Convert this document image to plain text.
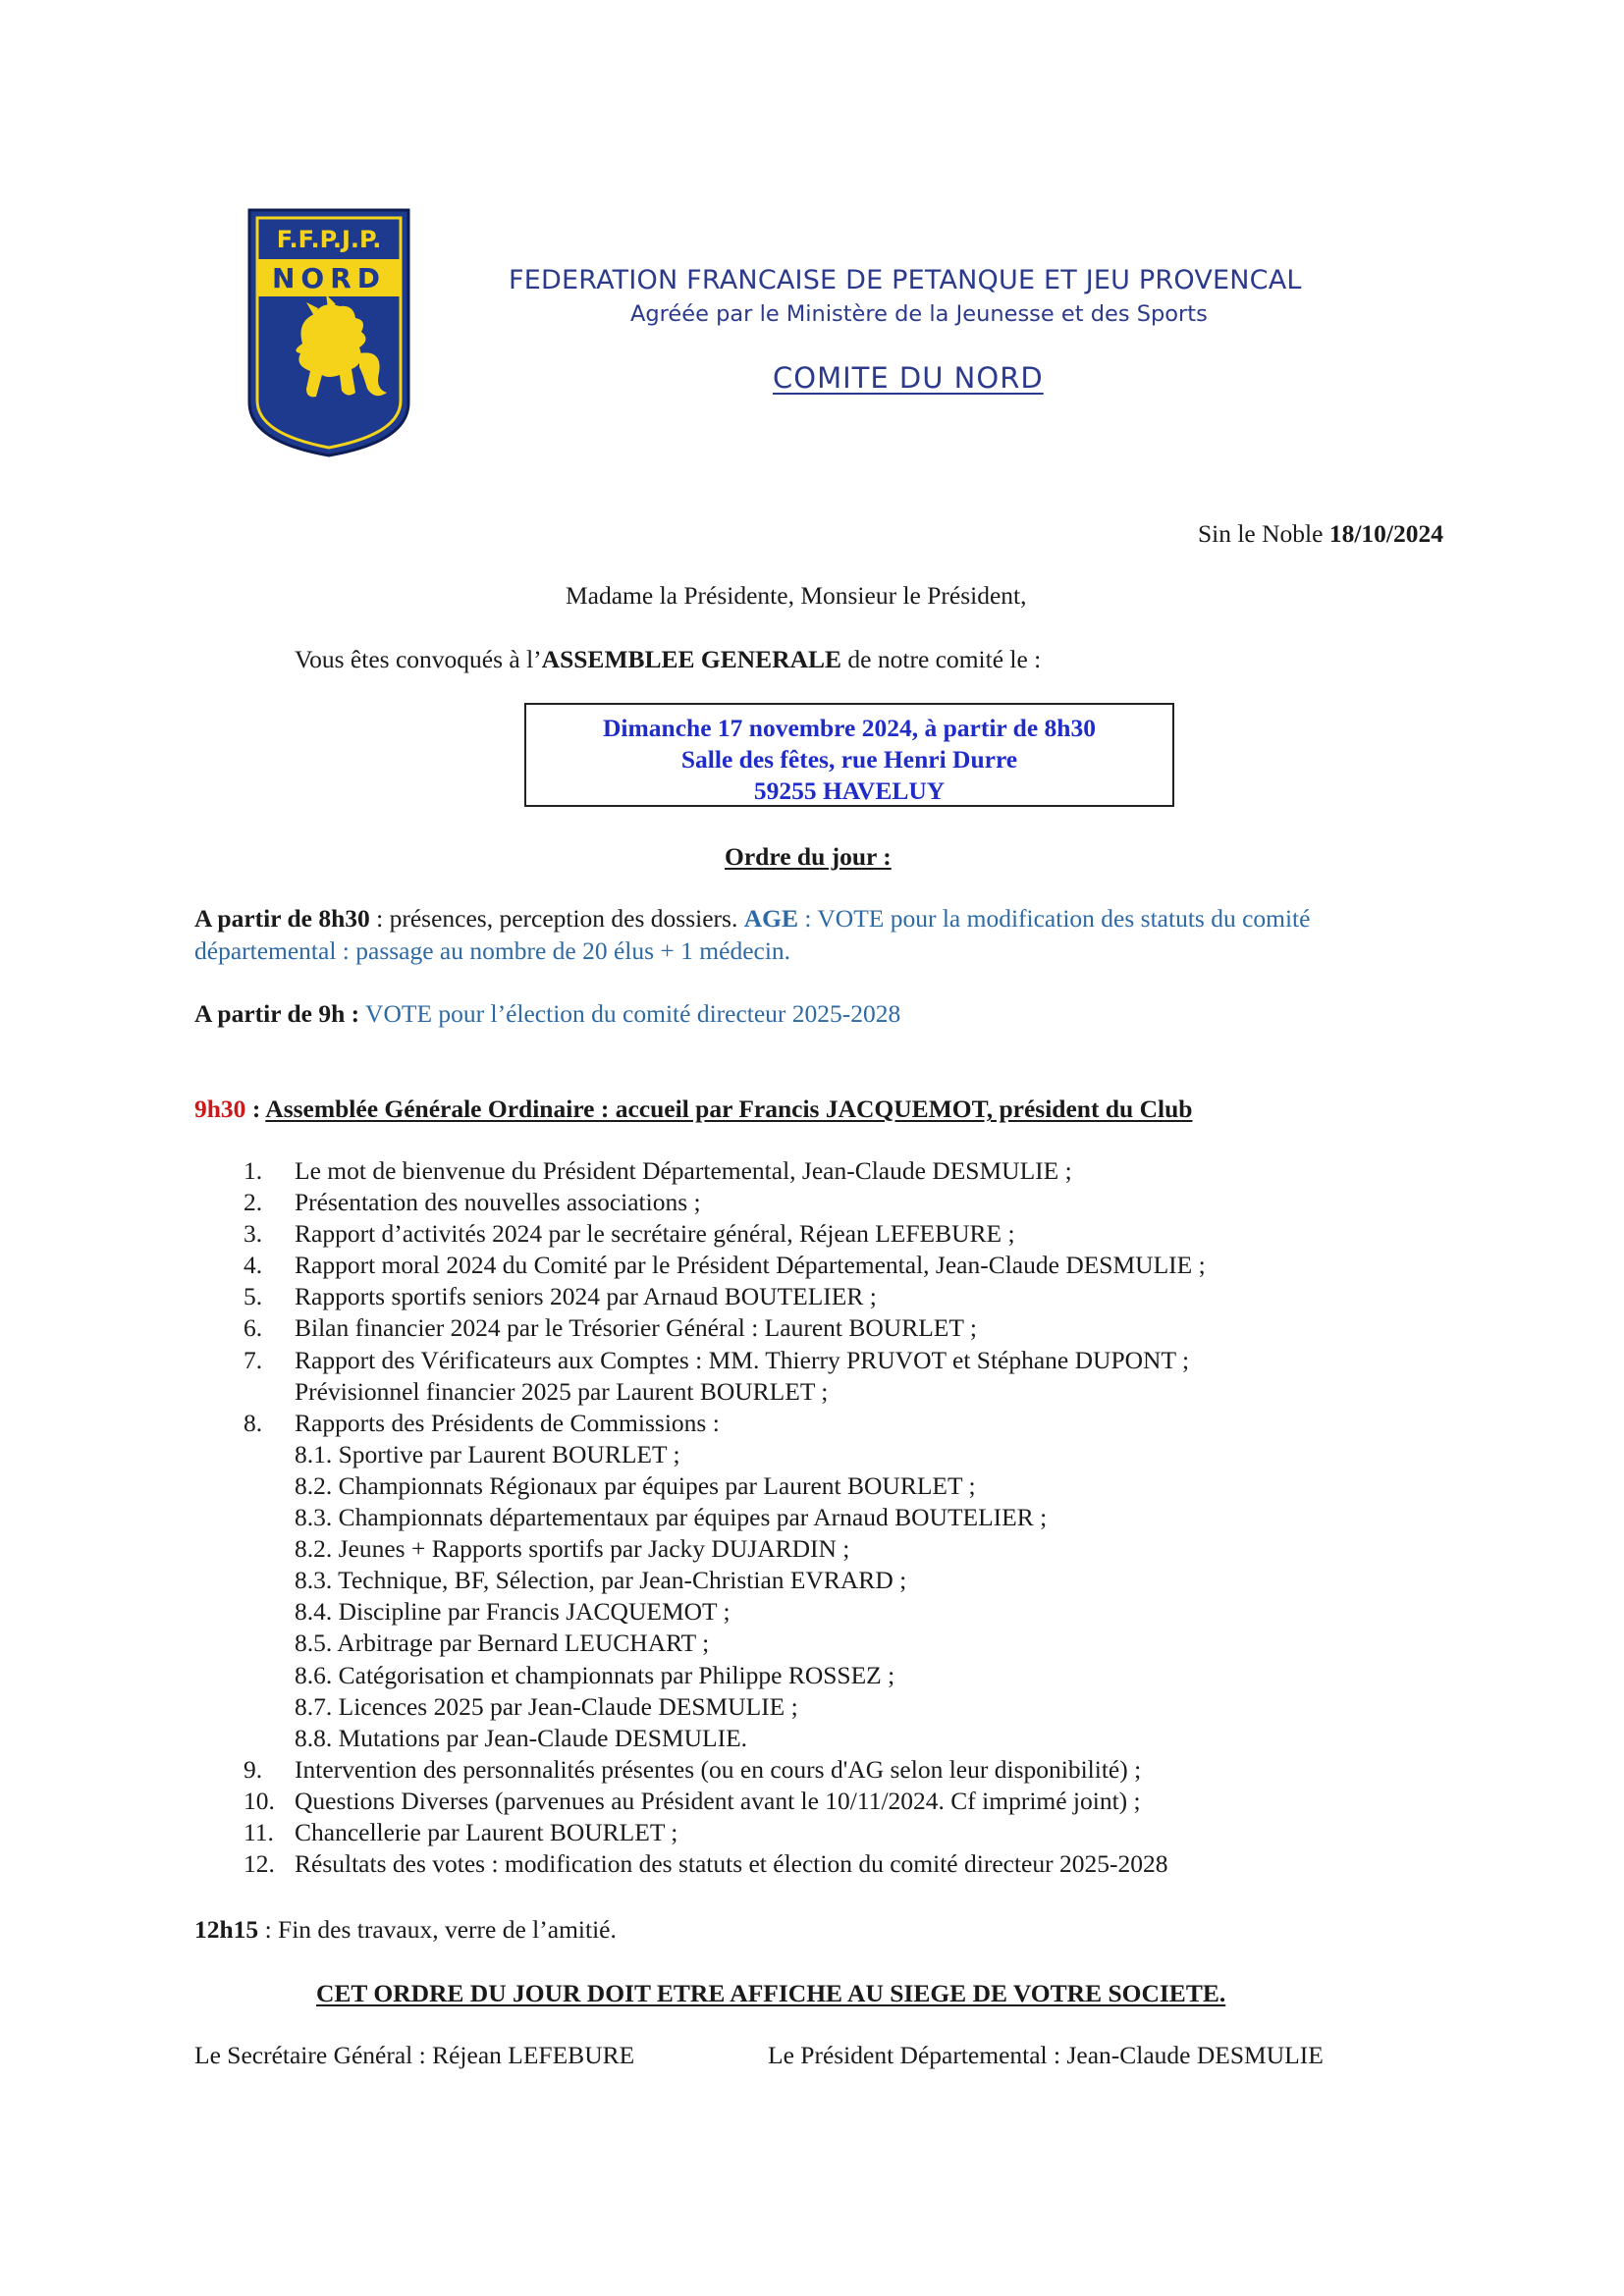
F.F.P.J.P.
NORD	FEDERATION FRANCAISE DE PETANQUE ET JEU PROVENCAL
Agréée par le Ministère de la Jeunesse et des Sports
COMITE DU NORD
Sin le Noble 18/10/2024
Madame la Présidente, Monsieur le Président,
Vous êtes convoqués à l’ASSEMBLEE GENERALE de notre comité le :
Dimanche 17 novembre 2024, à partir de 8h30
Salle des fêtes, rue Henri Durre
59255 HAVELUY
Ordre du jour :
A partir de 8h30 : présences, perception des dossiers. AGE : VOTE pour la modification des statuts du comité
départemental : passage au nombre de 20 élus + 1 médecin.
A partir de 9h : VOTE pour l’élection du comité directeur 2025-2028
9h30 : Assemblée Générale Ordinaire : accueil par Francis JACQUEMOT, président du Club
1.	Le mot de bienvenue du Président Départemental, Jean-Claude DESMULIE ;
2.	Présentation des nouvelles associations ;
3.	Rapport d’activités 2024 par le secrétaire général, Réjean LEFEBURE ;
4.	Rapport moral 2024 du Comité par le Président Départemental, Jean-Claude DESMULIE ;
5.	Rapports sportifs seniors 2024 par Arnaud BOUTELIER ;
6.	Bilan financier 2024 par le Trésorier Général : Laurent BOURLET ;
7.	Rapport des Vérificateurs aux Comptes : MM. Thierry PRUVOT et Stéphane DUPONT ;
Prévisionnel financier 2025 par Laurent BOURLET ;
8.	Rapports des Présidents de Commissions :
8.1. Sportive par Laurent BOURLET ;
8.2. Championnats Régionaux par équipes par Laurent BOURLET ;
8.3. Championnats départementaux par équipes par Arnaud BOUTELIER ;
8.2. Jeunes + Rapports sportifs par Jacky DUJARDIN ;
8.3. Technique, BF, Sélection, par Jean-Christian EVRARD ;
8.4. Discipline par Francis JACQUEMOT ;
8.5. Arbitrage par Bernard LEUCHART ;
8.6. Catégorisation et championnats par Philippe ROSSEZ ;
8.7. Licences 2025 par Jean-Claude DESMULIE ;
8.8. Mutations par Jean-Claude DESMULIE.
9.	Intervention des personnalités présentes (ou en cours d'AG selon leur disponibilité) ;
10. Questions Diverses (parvenues au Président avant le 10/11/2024. Cf imprimé joint) ;
11. Chancellerie par Laurent BOURLET ;
12. Résultats des votes : modification des statuts et élection du comité directeur 2025-2028
12h15 : Fin des travaux, verre de l’amitié.
CET ORDRE DU JOUR DOIT ETRE AFFICHE AU SIEGE DE VOTRE SOCIETE.
Le Secrétaire Général : Réjean LEFEBURE	Le Président Départemental : Jean-Claude DESMULIE
